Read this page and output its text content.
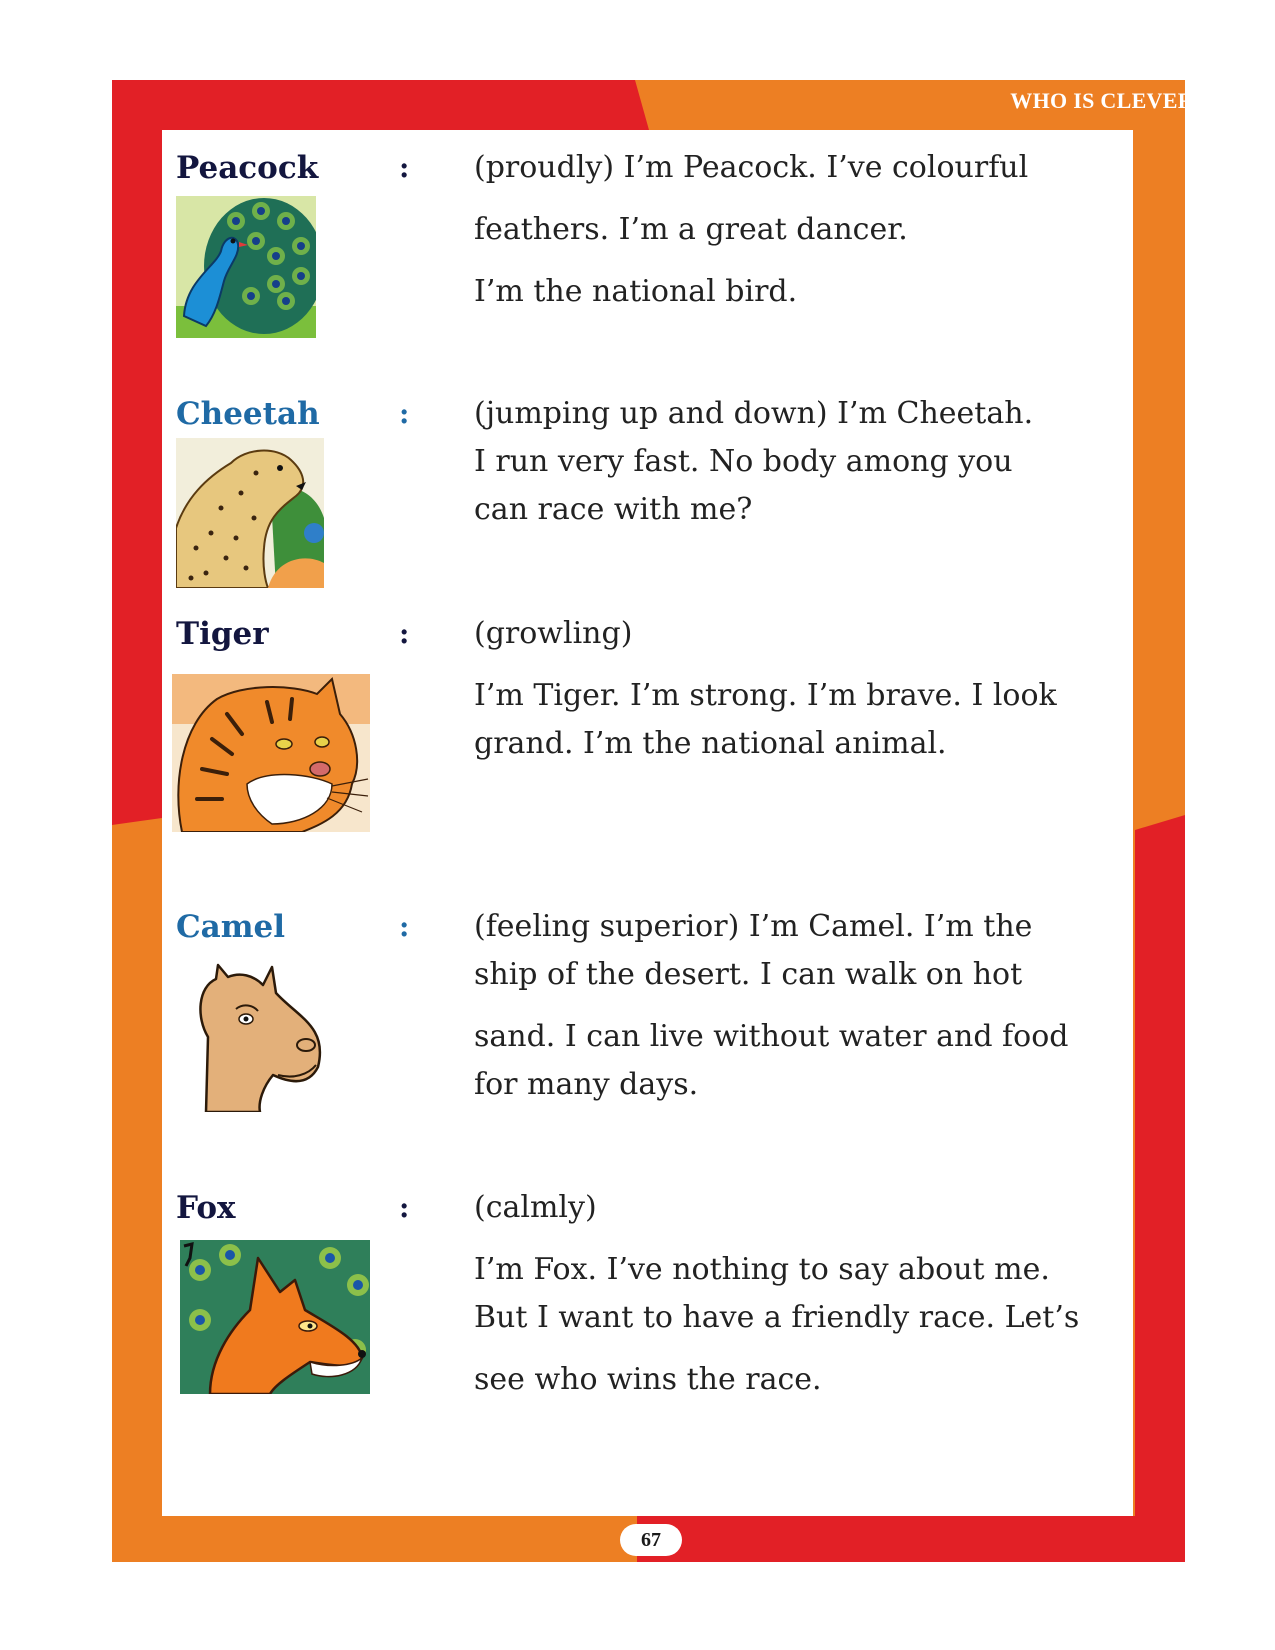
WHO IS CLEVER ?
Peacock	: (proudly) I’m Peacock. I’ve colourful
feathers. I’m a great dancer.
I’m the national bird.
Cheetah	: (jumping up and down) I’m Cheetah.
I run very fast. No body among you
can race with me?
Tiger	: (growling)
I’m Tiger. I’m strong. I’m brave. I look
grand. I’m the national animal.
Camel	: (feeling superior) I’m Camel. I’m the
ship of the desert. I can walk on hot
sand. I can live without water and food
for many days.
Fox	: (calmly)
I’m Fox. I’ve nothing to say about me.
But I want to have a friendly race. Let’s
see who wins the race.
67
